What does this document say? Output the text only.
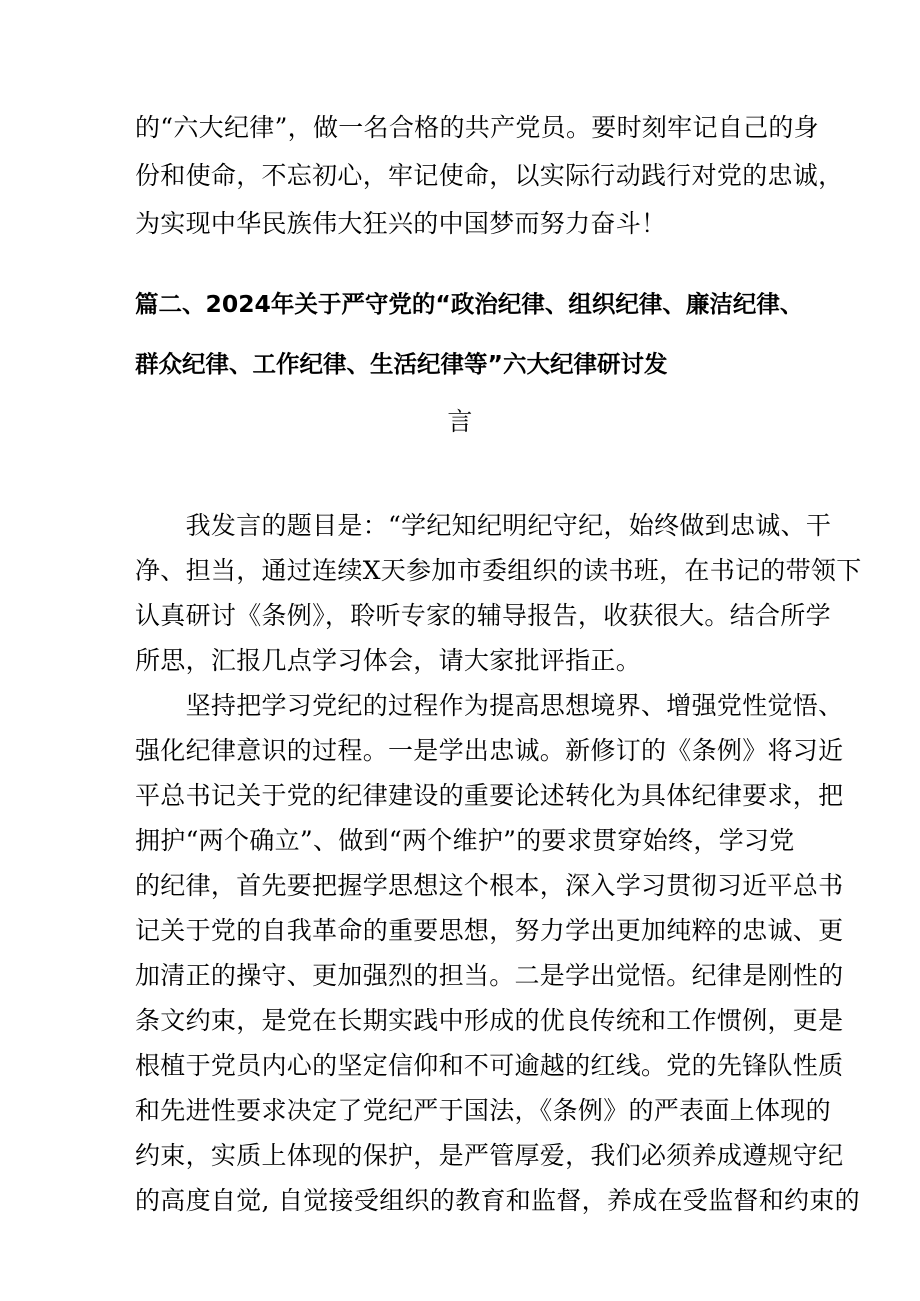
的“六大纪律”，做一名合格的共产党员。要时刻牢记自己的身
份和使命，不忘初心，牢记使命，以实际行动践行对党的忠诚，
为实现中华民族伟大狂兴的中国梦而努力奋斗！
篇二、2024年关于严守党的“政治纪律、组织纪律、廉洁纪律、
群众纪律、工作纪律、生活纪律等”六大纪律研讨发
言
　　我发言的题目是：“学纪知纪明纪守纪，始终做到忠诚、干
净、担当，通过连续X天参加市委组织的读书班，在书记的带领下
认真研讨《条例》，聆听专家的辅导报告，收获很大。结合所学
所思，汇报几点学习体会，请大家批评指正。
　　坚持把学习党纪的过程作为提高思想境界、增强党性觉悟、
强化纪律意识的过程。一是学出忠诚。新修订的《条例》将习近
平总书记关于党的纪律建设的重要论述转化为具体纪律要求，把
拥护“两个确立”、做到“两个维护”的要求贯穿始终，学习党
的纪律，首先要把握学思想这个根本，深入学习贯彻习近平总书
记关于党的自我革命的重要思想，努力学出更加纯粹的忠诚、更
加清正的操守、更加强烈的担当。二是学出觉悟。纪律是刚性的
条文约束，是党在长期实践中形成的优良传统和工作惯例，更是
根植于党员内心的坚定信仰和不可逾越的红线。党的先锋队性质
和先进性要求决定了党纪严于国法，《条例》的严表面上体现的
约束，实质上体现的保护，是严管厚爱，我们必须养成遵规守纪
的高度自觉, 自觉接受组织的教育和监督，养成在受监督和约束的
